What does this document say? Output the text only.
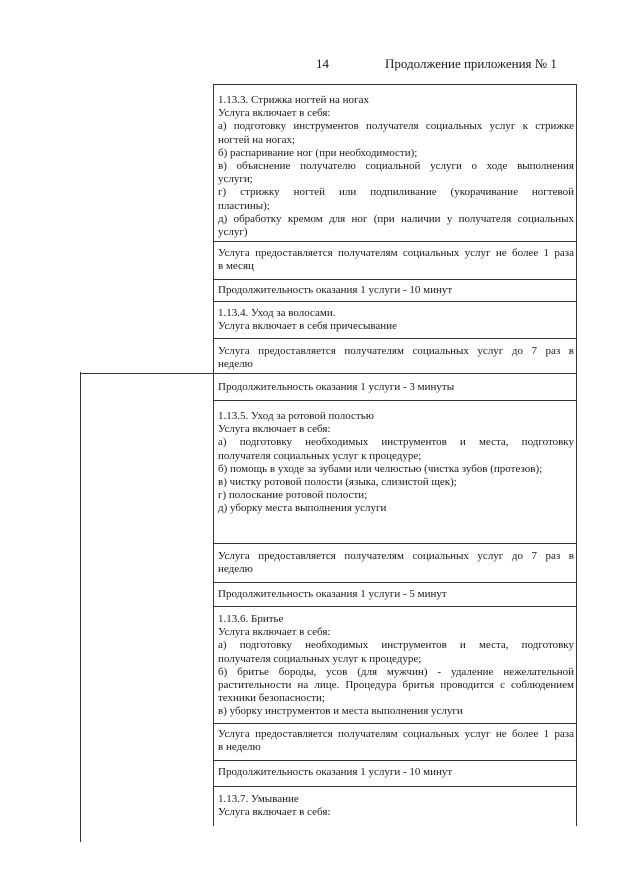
14	Продолжение приложения № 1

1.13.3. Стрижка ногтей на ногах

Услуга включает в себя:

а) подготовку инструментов получателя социальных услуг к стрижке

ногтей на ногах;

б) распаривание ног (при необходимости);

в) объяснение получателю социальной услуги о ходе выполнения

услуги;

г) стрижку ногтей или подпиливание (укорачивание ногтевой

пластины);

д) обработку кремом для ног (при наличии у получателя социальных

услуг)

Услуга предоставляется получателям социальных услуг не более 1 раза

в месяц

Продолжительность оказания 1 услуги - 10 минут

1.13.4. Уход за волосами.

Услуга включает в себя причесывание

Услуга предоставляется получателям социальных услуг до 7 раз в

неделю

Продолжительность оказания 1 услуги - 3 минуты

1.13.5. Уход за ротовой полостью

Услуга включает в себя:

а) подготовку необходимых инструментов и места, подготовку

получателя социальных услуг к процедуре;

б) помощь в уходе за зубами или челюстью (чистка зубов (протезов);

в) чистку ротовой полости (языка, слизистой щек);

г) полоскание ротовой полости;

д) уборку места выполнения услуги

Услуга предоставляется получателям социальных услуг до 7 раз в

неделю

Продолжительность оказания 1 услуги - 5 минут

1.13.6. Бритье

Услуга включает в себя:

а) подготовку необходимых инструментов и места, подготовку

получателя социальных услуг к процедуре;

б) бритье бороды, усов (для мужчин) - удаление нежелательной

растительности на лице. Процедура бритья проводится с соблюдением

техники безопасности;

в) уборку инструментов и места выполнения услуги

Услуга предоставляется получателям социальных услуг не более 1 раза

в неделю

Продолжительность оказания 1 услуги - 10 минут

1.13.7. Умывание

Услуга включает в себя:
